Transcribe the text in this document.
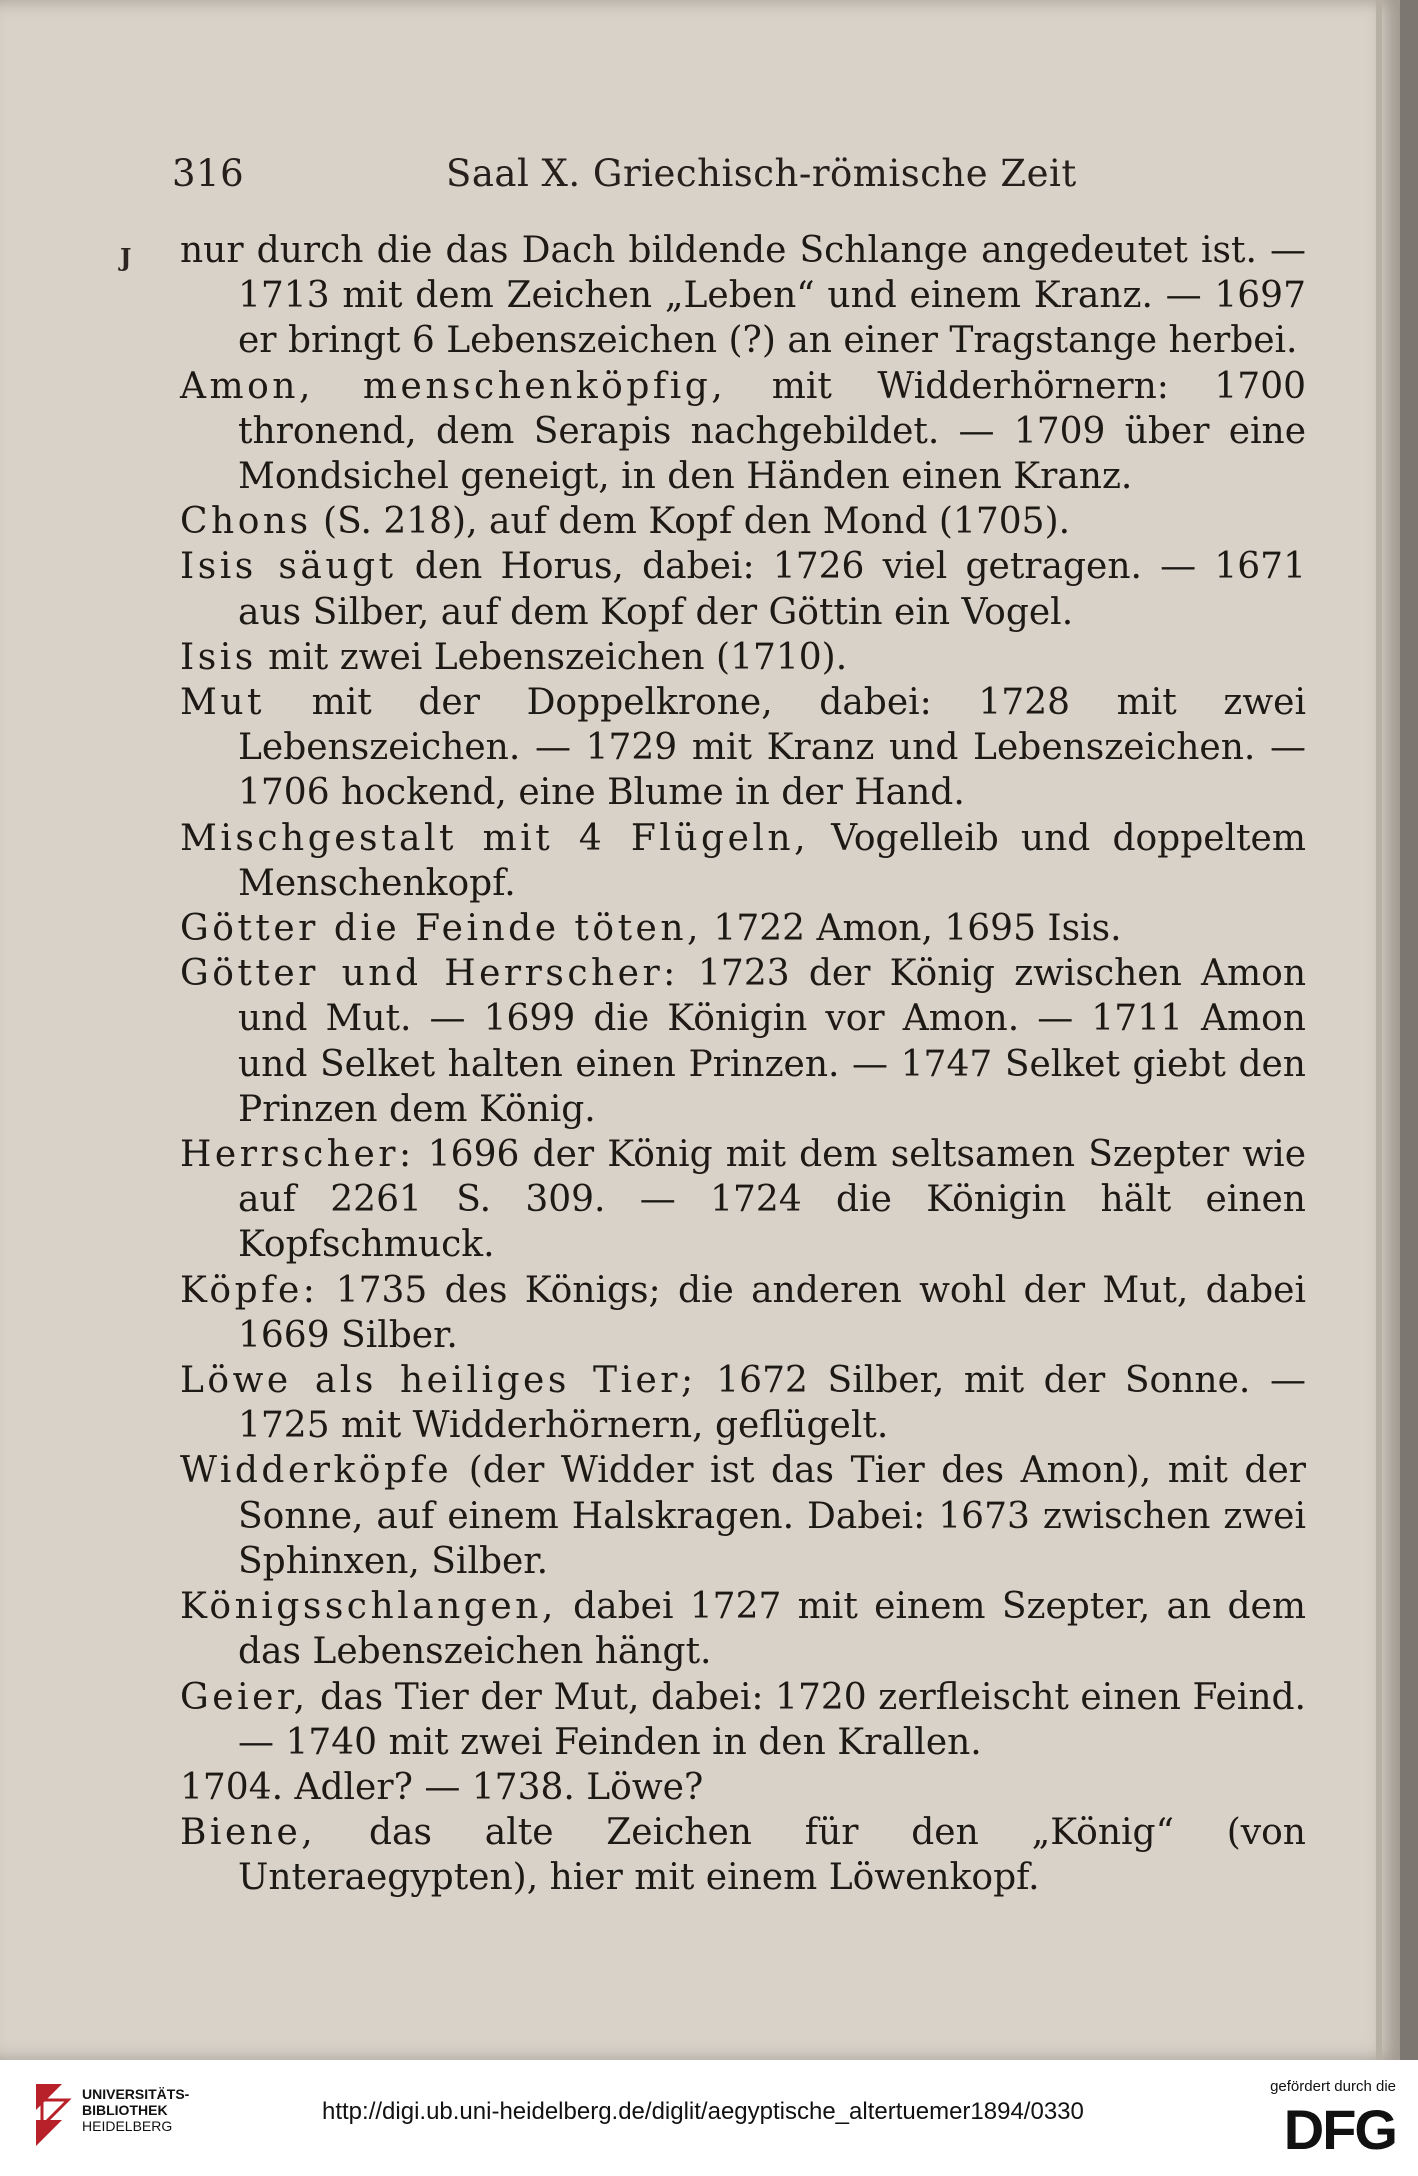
316	Saal X. Griechisch-römische Zeit
J nur durch die das Dach bildende Schlange angedeutet ist. — 1713 mit dem Zeichen „Leben“ und einem Kranz. — 1697 er bringt 6 Lebenszeichen (?) an einer Tragstange herbei.
Amon, menschenköpfig, mit Widderhörnern: 1700 thronend, dem Serapis nachgebildet. — 1709 über eine Mondsichel geneigt, in den Händen einen Kranz.
Chons (S. 218), auf dem Kopf den Mond (1705).
Isis säugt den Horus, dabei: 1726 viel getragen. — 1671 aus Silber, auf dem Kopf der Göttin ein Vogel.
Isis mit zwei Lebenszeichen (1710).
Mut mit der Doppelkrone, dabei: 1728 mit zwei Lebenszeichen. — 1729 mit Kranz und Lebenszeichen. — 1706 hockend, eine Blume in der Hand.
Mischgestalt mit 4 Flügeln, Vogelleib und doppeltem Menschenkopf.
Götter die Feinde töten, 1722 Amon, 1695 Isis.
Götter und Herrscher: 1723 der König zwischen Amon und Mut. — 1699 die Königin vor Amon. — 1711 Amon und Selket halten einen Prinzen. — 1747 Selket giebt den Prinzen dem König.
Herrscher: 1696 der König mit dem seltsamen Szepter wie auf 2261 S. 309. — 1724 die Königin hält einen Kopfschmuck.
Köpfe: 1735 des Königs; die anderen wohl der Mut, dabei 1669 Silber.
Löwe als heiliges Tier; 1672 Silber, mit der Sonne. — 1725 mit Widderhörnern, geflügelt.
Widderköpfe (der Widder ist das Tier des Amon), mit der Sonne, auf einem Halskragen. Dabei: 1673 zwischen zwei Sphinxen, Silber.
Königsschlangen, dabei 1727 mit einem Szepter, an dem das Lebenszeichen hängt.
Geier, das Tier der Mut, dabei: 1720 zerfleischt einen Feind. — 1740 mit zwei Feinden in den Krallen.
1704. Adler? — 1738. Löwe?
Biene, das alte Zeichen für den „König“ (von Unteraegypten), hier mit einem Löwenkopf.
UNIVERSITÄTS-
BIBLIOTHEK
HEIDELBERG
http://digi.ub.uni-heidelberg.de/diglit/aegyptische_altertuemer1894/0330
gefördert durch die
DFG
